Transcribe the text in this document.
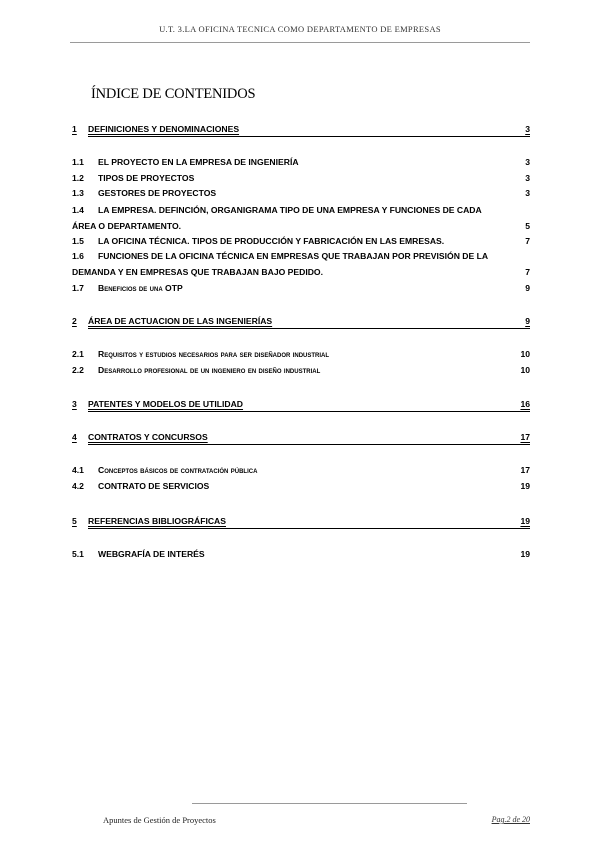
U.T. 3.LA OFICINA TECNICA COMO DEPARTAMENTO DE EMPRESAS
ÍNDICE DE CONTENIDOS
1	DEFINICIONES Y DENOMINACIONES	3
1.1	EL PROYECTO EN LA EMPRESA DE INGENIERÍA	3
1.2	TIPOS DE PROYECTOS	3
1.3	GESTORES DE PROYECTOS	3
1.4	LA EMPRESA. DEFINCIÓN, ORGANIGRAMA TIPO DE UNA EMPRESA Y FUNCIONES DE CADA
ÁREA O DEPARTAMENTO.	5
1.5	LA OFICINA TÉCNICA. TIPOS DE PRODUCCIÓN Y FABRICACIÓN EN LAS EMRESAS.	7
1.6	FUNCIONES DE LA OFICINA TÉCNICA EN EMPRESAS QUE TRABAJAN POR PREVISIÓN DE LA
DEMANDA Y EN EMPRESAS QUE TRABAJAN BAJO PEDIDO.	7
1.7	Beneficios de una OTP	9
2	ÁREA DE ACTUACION DE LAS INGENIERÍAS	9
2.1	Requisitos y estudios necesarios para ser diseñador industrial	10
2.2	Desarrollo profesional de un ingeniero en diseño industrial	10
3	PATENTES Y MODELOS DE UTILIDAD	16
4	CONTRATOS Y CONCURSOS	17
4.1	Conceptos básicos de contratación pública	17
4.2	CONTRATO DE SERVICIOS	19
5	REFERENCIAS BIBLIOGRÁFICAS	19
5.1	WEBGRAFÍA DE INTERÉS	19
Apuntes de Gestión de Proyectos	Pag.2 de 20
